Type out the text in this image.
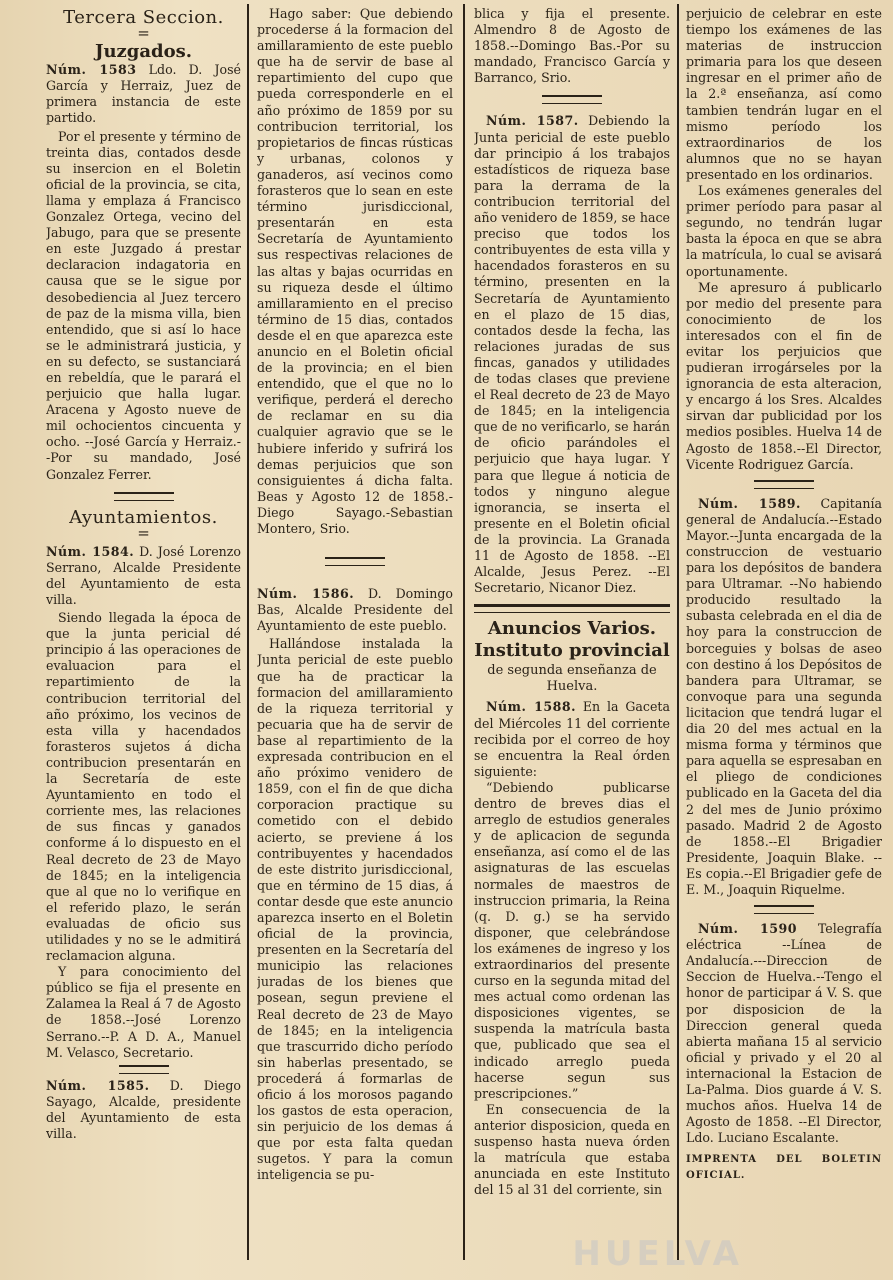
Tercera Seccion.
=
Juzgados.

Núm. 1583 Ldo. D. José García y Herraiz, Juez de primera instancia de este partido.

Por el presente y término de treinta dias, contados desde su insercion en el Boletin oficial de la provincia, se cita, llama y emplaza á Francisco Gonzalez Ortega, vecino del Jabugo, para que se presente en este Juzgado á prestar declaracion indagatoria en causa que se le sigue por desobediencia al Juez tercero de paz de la misma villa, bien entendido, que si así lo hace se le administrará justicia, y en su defecto, se sustanciará en rebeldía, que le parará el perjuicio que halla lugar. Aracena y Agosto nueve de mil ochocientos cincuenta y ocho. --José García y Herraiz.--Por su mandado, José Gonzalez Ferrer.

Ayuntamientos.
=

Núm. 1584. D. José Lorenzo Serrano, Alcalde Presidente del Ayuntamiento de esta villa.

Siendo llegada la época de que la junta pericial dé principio á las operaciones de evaluacion para el repartimiento de la contribucion territorial del año próximo, los vecinos de esta villa y hacendados forasteros sujetos á dicha contribucion presentarán en la Secretaría de este Ayuntamiento en todo el corriente mes, las relaciones de sus fincas y ganados conforme á lo dispuesto en el Real decreto de 23 de Mayo de 1845; en la inteligencia que al que no lo verifique en el referido plazo, le serán evaluadas de oficio sus utilidades y no se le admitirá reclamacion alguna.

Y para conocimiento del público se fija el presente en Zalamea la Real á 7 de Agosto de 1858.--José Lorenzo Serrano.--P. A D. A., Manuel M. Velasco, Secretario.

Núm. 1585. D. Diego Sayago, Alcalde, presidente del Ayuntamiento de esta villa.

Hago saber: Que debiendo procederse á la formacion del amillaramiento de este pueblo que ha de servir de base al repartimiento del cupo que pueda corresponderle en el año próximo de 1859 por su contribucion territorial, los propietarios de fincas rústicas y urbanas, colonos y ganaderos, así vecinos como forasteros que lo sean en este término jurisdiccional, presentarán en esta Secretaría de Ayuntamiento sus respectivas relaciones de las altas y bajas ocurridas en su riqueza desde el último amillaramiento en el preciso término de 15 dias, contados desde el en que aparezca este anuncio en el Boletin oficial de la provincia; en el bien entendido, que el que no lo verifique, perderá el derecho de reclamar en su dia cualquier agravio que se le hubiere inferido y sufrirá los demas perjuicios que son consiguientes á dicha falta. Beas y Agosto 12 de 1858.-Diego Sayago.-Sebastian Montero, Srio.

Núm. 1586. D. Domingo Bas, Alcalde Presidente del Ayuntamiento de este pueblo.

Hallándose instalada la Junta pericial de este pueblo que ha de practicar la formacion del amillaramiento de la riqueza territorial y pecuaria que ha de servir de base al repartimiento de la expresada contribucion en el año próximo venidero de 1859, con el fin de que dicha corporacion practique su cometido con el debido acierto, se previene á los contribuyentes y hacendados de este distrito jurisdiccional, que en término de 15 dias, á contar desde que este anuncio aparezca inserto en el Boletin oficial de la provincia, presenten en la Secretaría del municipio las relaciones juradas de los bienes que posean, segun previene el Real decreto de 23 de Mayo de 1845; en la inteligencia que trascurrido dicho período sin haberlas presentado, se procederá á formarlas de oficio á los morosos pagando los gastos de esta operacion, sin perjuicio de los demas á que por esta falta quedan sugetos. Y para la comun inteligencia se pu-

blica y fija el presente. Almendro 8 de Agosto de 1858.--Domingo Bas.-Por su mandado, Francisco García y Barranco, Srio.

Núm. 1587. Debiendo la Junta pericial de este pueblo dar principio á los trabajos estadísticos de riqueza base para la derrama de la contribucion territorial del año venidero de 1859, se hace preciso que todos los contribuyentes de esta villa y hacendados forasteros en su término, presenten en la Secretaría de Ayuntamiento en el plazo de 15 dias, contados desde la fecha, las relaciones juradas de sus fincas, ganados y utilidades de todas clases que previene el Real decreto de 23 de Mayo de 1845; en la inteligencia que de no verificarlo, se harán de oficio parándoles el perjuicio que haya lugar. Y para que llegue á noticia de todos y ninguno alegue ignorancia, se inserta el presente en el Boletin oficial de la provincia. La Granada 11 de Agosto de 1858. --El Alcalde, Jesus Perez. --El Secretario, Nicanor Diez.

Anuncios Varios.
Instituto provincial
de segunda enseñanza de Huelva.

Núm. 1588. En la Gaceta del Miércoles 11 del corriente recibida por el correo de hoy se encuentra la Real órden siguiente:

“Debiendo publicarse dentro de breves dias el arreglo de estudios generales y de aplicacion de segunda enseñanza, así como el de las asignaturas de las escuelas normales de maestros de instruccion primaria, la Reina (q. D. g.) se ha servido disponer, que celebrándose los exámenes de ingreso y los extraordinarios del presente curso en la segunda mitad del mes actual como ordenan las disposiciones vigentes, se suspenda la matrícula basta que, publicado que sea el indicado arreglo pueda hacerse segun sus prescripciones.”

En consecuencia de la anterior disposicion, queda en suspenso hasta nueva órden la matrícula que estaba anunciada en este Instituto del 15 al 31 del corriente, sin

perjuicio de celebrar en este tiempo los exámenes de las materias de instruccion primaria para los que deseen ingresar en el primer año de la 2.ª enseñanza, así como tambien tendrán lugar en el mismo período los extraordinarios de los alumnos que no se hayan presentado en los ordinarios.

Los exámenes generales del primer período para pasar al segundo, no tendrán lugar basta la época en que se abra la matrícula, lo cual se avisará oportunamente.

Me apresuro á publicarlo por medio del presente para conocimiento de los interesados con el fin de evitar los perjuicios que pudieran irrogárseles por la ignorancia de esta alteracion, y encargo á los Sres. Alcaldes sirvan dar publicidad por los medios posibles. Huelva 14 de Agosto de 1858.--El Director, Vicente Rodriguez García.

Núm. 1589. Capitanía general de Andalucía.--Estado Mayor.--Junta encargada de la construccion de vestuario para los depósitos de bandera para Ultramar. --No habiendo producido resultado la subasta celebrada en el dia de hoy para la construccion de borceguies y bolsas de aseo con destino á los Depósitos de bandera para Ultramar, se convoque para una segunda licitacion que tendrá lugar el dia 20 del mes actual en la misma forma y términos que para aquella se espresaban en el pliego de condiciones publicado en la Gaceta del dia 2 del mes de Junio próximo pasado. Madrid 2 de Agosto de 1858.--El Brigadier Presidente, Joaquin Blake. --Es copia.--El Brigadier gefe de E. M., Joaquin Riquelme.

Núm. 1590 Telegrafía eléctrica --Línea de Andalucía.---Direccion de Seccion de Huelva.--Tengo el honor de participar á V. S. que por disposicion de la Direccion general queda abierta mañana 15 al servicio oficial y privado y el 20 al internacional la Estacion de La-Palma. Dios guarde á V. S. muchos años. Huelva 14 de Agosto de 1858. --El Director, Ldo. Luciano Escalante.

IMPRENTA DEL BOLETIN OFICIAL.

HUELVA
